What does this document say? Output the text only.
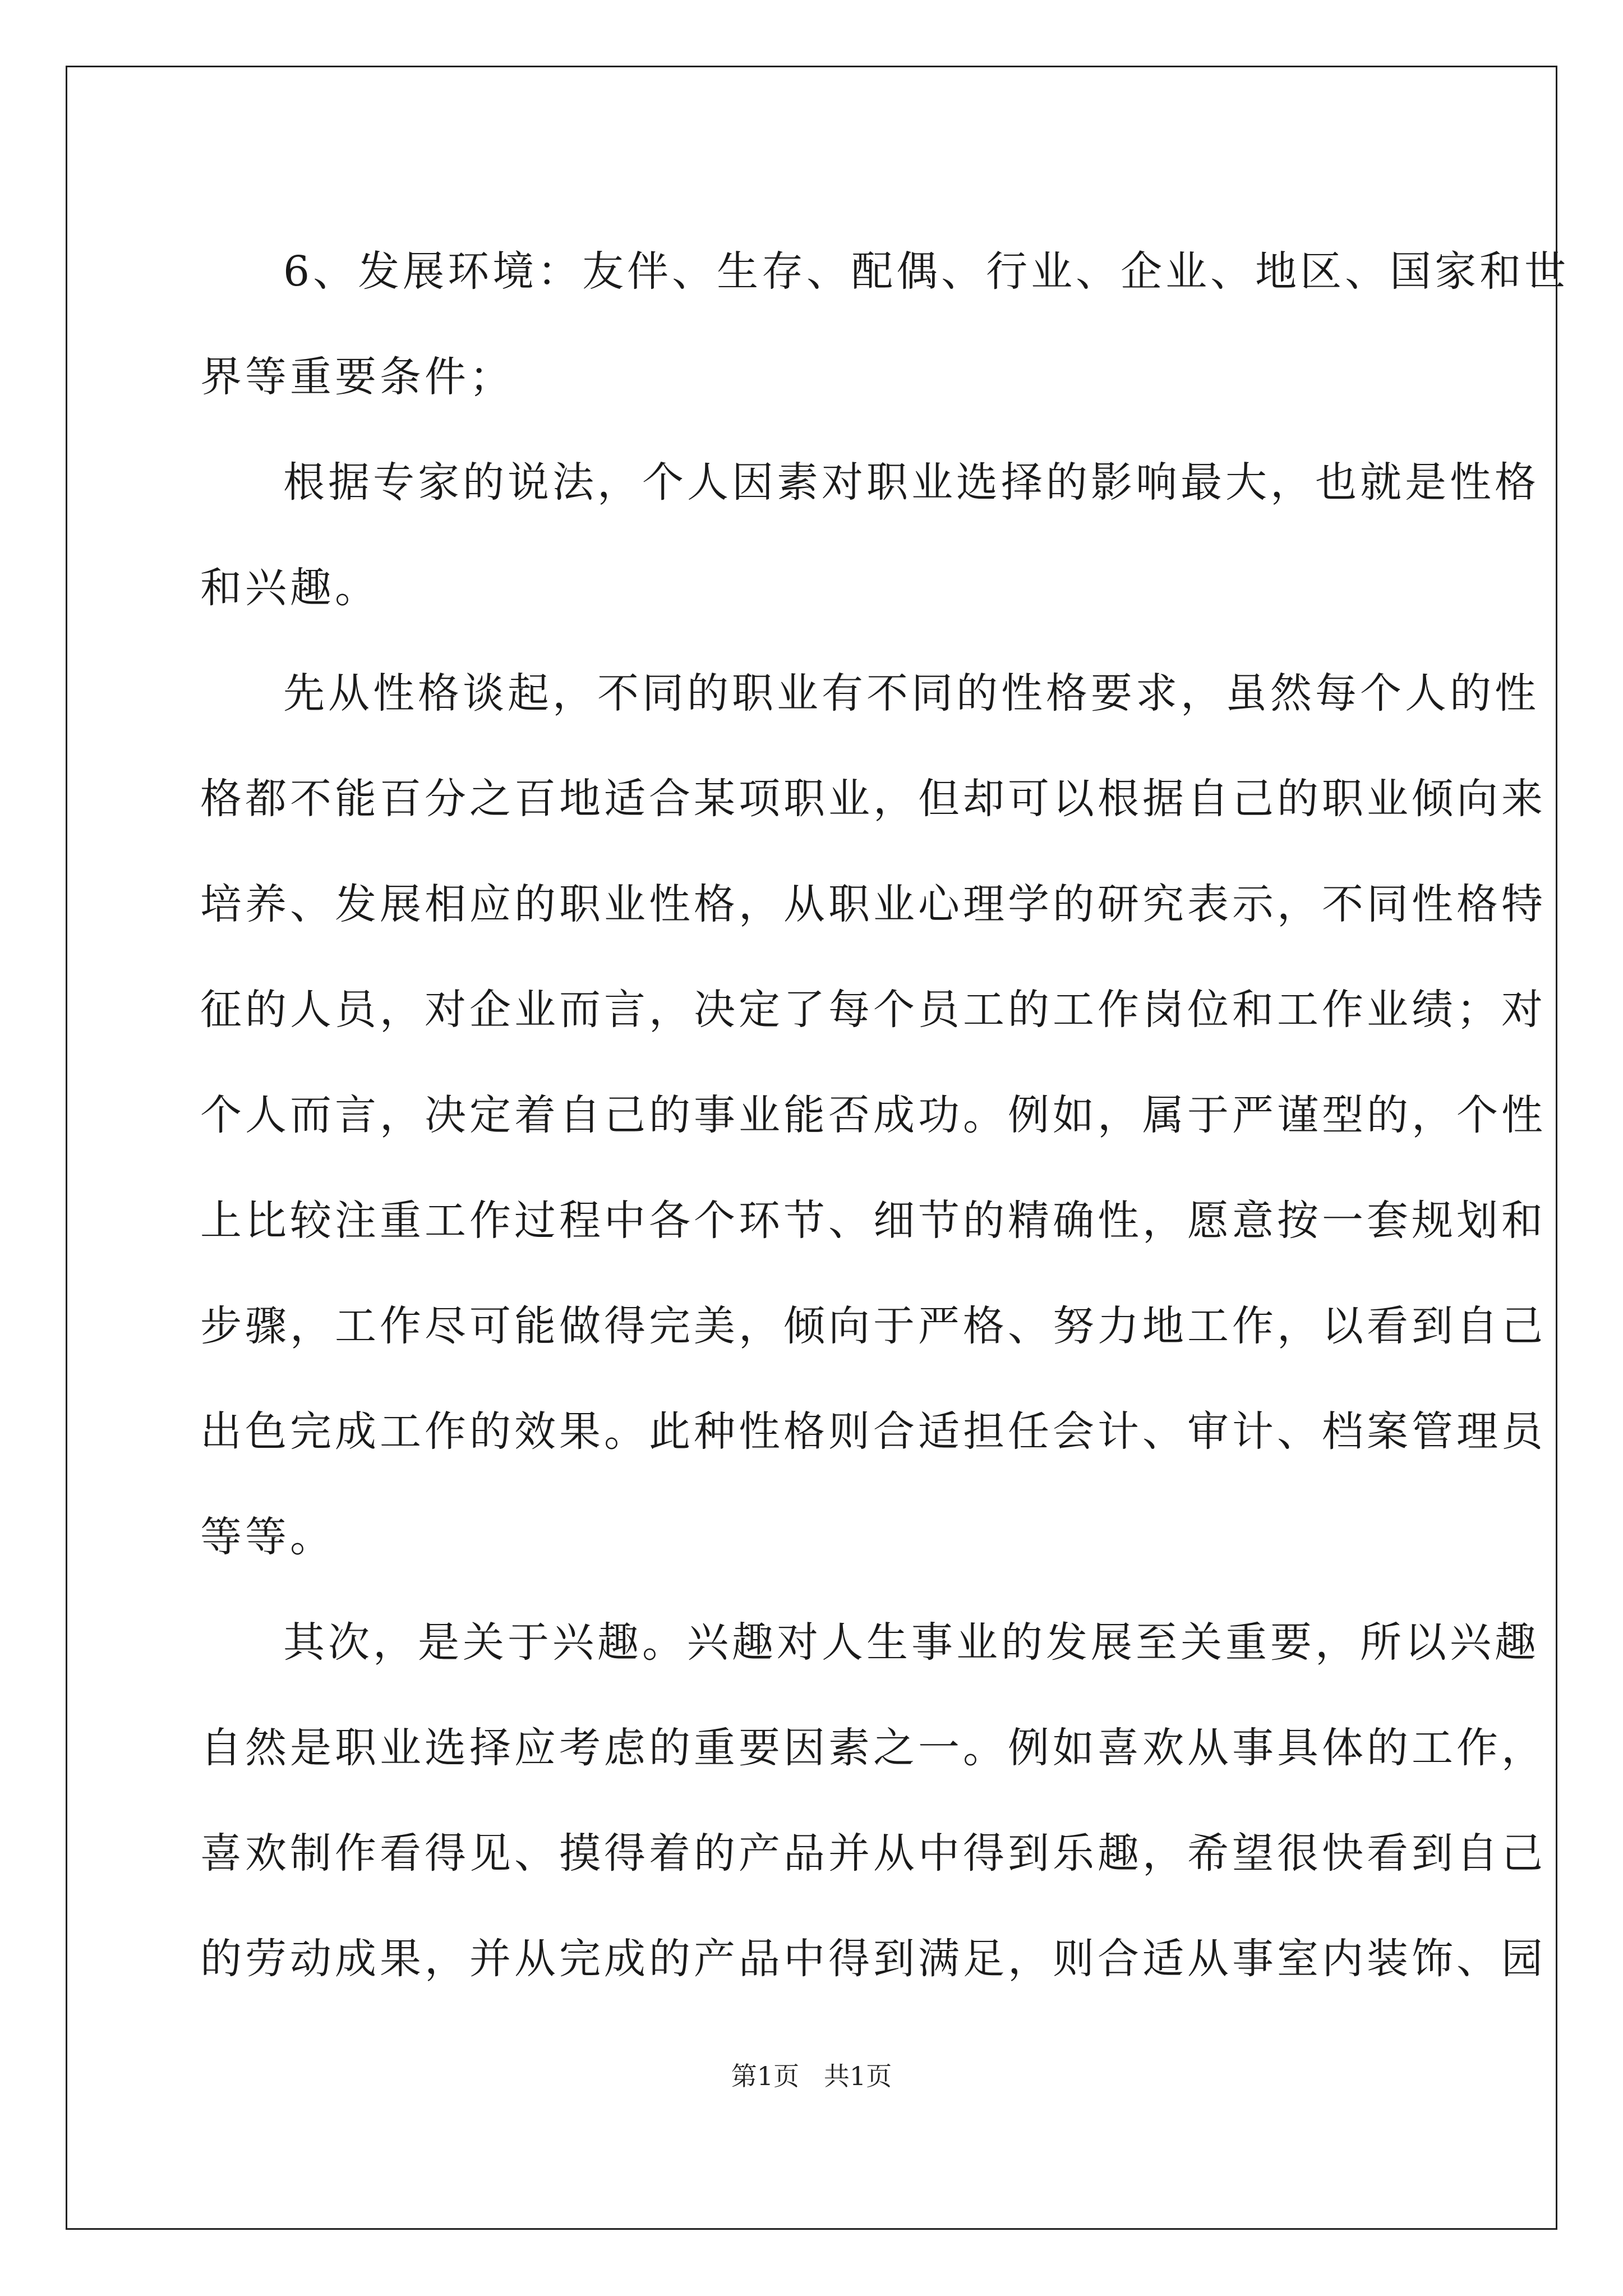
6、发展环境：友伴、生存、配偶、行业、企业、地区、国家和世
界等重要条件；
根据专家的说法，个人因素对职业选择的影响最大，也就是性格
和兴趣。
先从性格谈起，不同的职业有不同的性格要求，虽然每个人的性
格都不能百分之百地适合某项职业，但却可以根据自己的职业倾向来
培养、发展相应的职业性格，从职业心理学的研究表示，不同性格特
征的人员，对企业而言，决定了每个员工的工作岗位和工作业绩；对
个人而言，决定着自己的事业能否成功。例如，属于严谨型的，个性
上比较注重工作过程中各个环节、细节的精确性，愿意按一套规划和
步骤，工作尽可能做得完美，倾向于严格、努力地工作，以看到自己
出色完成工作的效果。此种性格则合适担任会计、审计、档案管理员
等等。
其次，是关于兴趣。兴趣对人生事业的发展至关重要，所以兴趣
自然是职业选择应考虑的重要因素之一。例如喜欢从事具体的工作，
喜欢制作看得见、摸得着的产品并从中得到乐趣，希望很快看到自己
的劳动成果，并从完成的产品中得到满足，则合适从事室内装饰、园
第1页   共1页
